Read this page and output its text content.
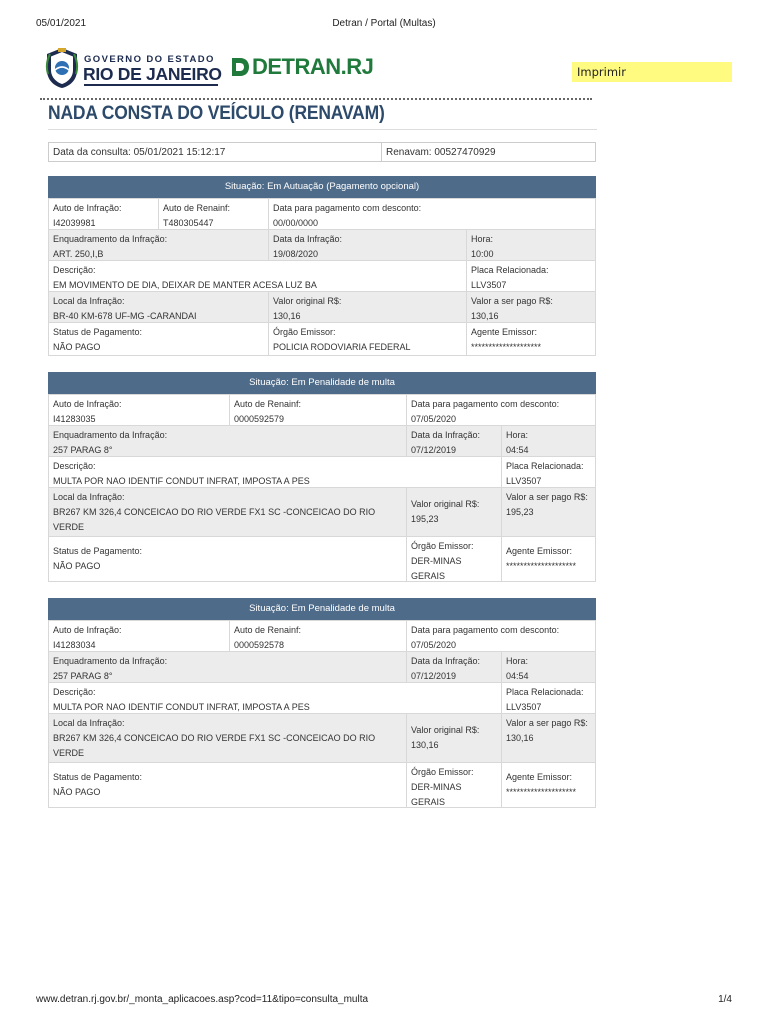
05/01/2021	Detran / Portal (Multas)
GOVERNO DO ESTADO
RIO DE JANEIRO DETRAN.RJ	Imprimir
NADA CONSTA DO VEÍCULO (RENAVAM)
Data da consulta: 05/01/2021 15:12:17	Renavam: 00527470929
Situação: Em Autuação (Pagamento opcional)
Auto de Infração:
I42039981
Auto de Renainf:
T480305447
Data para pagamento com desconto:
00/00/0000
Enquadramento da Infração:
ART. 250,I,B
Data da Infração:
19/08/2020
Hora:
10:00
Descrição:
EM MOVIMENTO DE DIA, DEIXAR DE MANTER ACESA LUZ BA
Placa Relacionada:
LLV3507
Local da Infração:
BR-40 KM-678 UF-MG -CARANDAI
Valor original R$:
130,16
Valor a ser pago R$:
130,16
Status de Pagamento:
NÃO PAGO
Órgão Emissor:
POLICIA RODOVIARIA FEDERAL
Agente Emissor:
********************
Situação: Em Penalidade de multa
Auto de Infração:
I41283035
Auto de Renainf:
0000592579
Data para pagamento com desconto:
07/05/2020
Enquadramento da Infração:
257 PARAG 8°
Data da Infração:
07/12/2019
Hora:
04:54
Descrição:
MULTA POR NAO IDENTIF CONDUT INFRAT, IMPOSTA A PES
Placa Relacionada:
LLV3507
Local da Infração:
BR267 KM 326,4 CONCEICAO DO RIO VERDE FX1 SC -CONCEICAO DO RIO VERDE
Valor original R$:
195,23
Valor a ser pago R$:
195,23
Status de Pagamento:
NÃO PAGO
Órgão Emissor:
DER-MINAS GERAIS
Agente Emissor:
********************
Situação: Em Penalidade de multa
Auto de Infração:
I41283034
Auto de Renainf:
0000592578
Data para pagamento com desconto:
07/05/2020
Enquadramento da Infração:
257 PARAG 8°
Data da Infração:
07/12/2019
Hora:
04:54
Descrição:
MULTA POR NAO IDENTIF CONDUT INFRAT, IMPOSTA A PES
Placa Relacionada:
LLV3507
Local da Infração:
BR267 KM 326,4 CONCEICAO DO RIO VERDE FX1 SC -CONCEICAO DO RIO VERDE
Valor original R$:
130,16
Valor a ser pago R$:
130,16
Status de Pagamento:
NÃO PAGO
Órgão Emissor:
DER-MINAS GERAIS
Agente Emissor:
********************
www.detran.rj.gov.br/_monta_aplicacoes.asp?cod=11&tipo=consulta_multa	1/4
